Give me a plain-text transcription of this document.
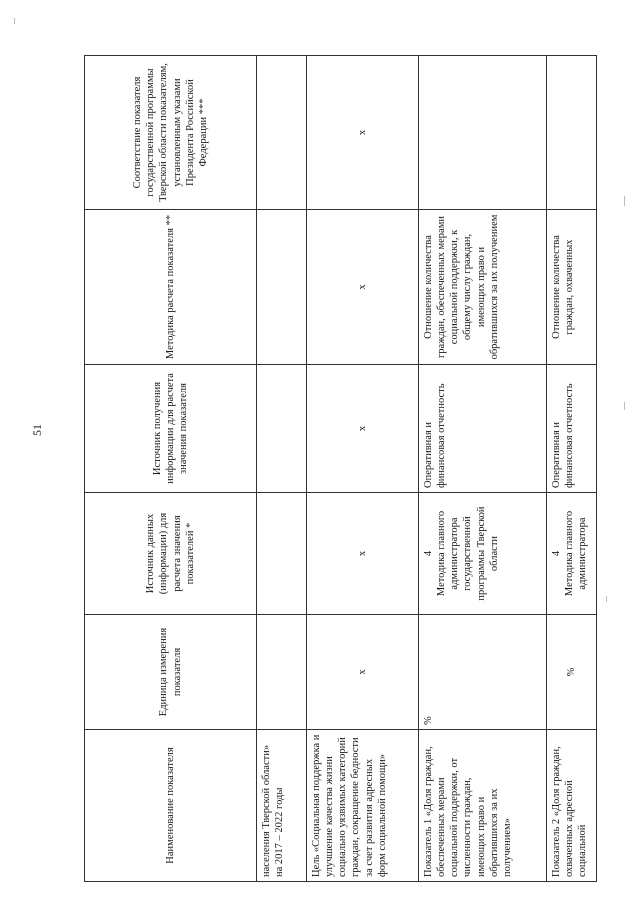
51
Наименование показателя	Единица измерения показателя	Источник данных (информации) для расчета значения показателей *	Источник получения информации для расчета значения показателя	Методика расчета показателя **	Соответствие показателя государственной программы Тверской области показателям, установленным указами Президента Российской Федерации ***
населения Тверской области» на 2017 – 2022 годы					
Цель «Социальная поддержка и улучшение качества жизни социально уязвимых категорий граждан, сокращение бедности за счет развития адресных форм социальной помощи»	х	х	х	х	х
Показатель 1 «Доля граждан, обеспеченных мерами социальной поддержки, от численности граждан, имеющих право и обратившихся за их получением»	%	4 Методика главного администратора государственной программы Тверской области	Оперативная и финансовая отчетность	Отношение количества граждан, обеспеченных мерами социальной поддержки, к общему числу граждан, имеющих право и обратившихся за их получением	
Показатель 2 «Доля граждан, охваченных адресной социальной	%	4 Методика главного администратора	Оперативная и финансовая отчетность	Отношение количества граждан, охваченных	
